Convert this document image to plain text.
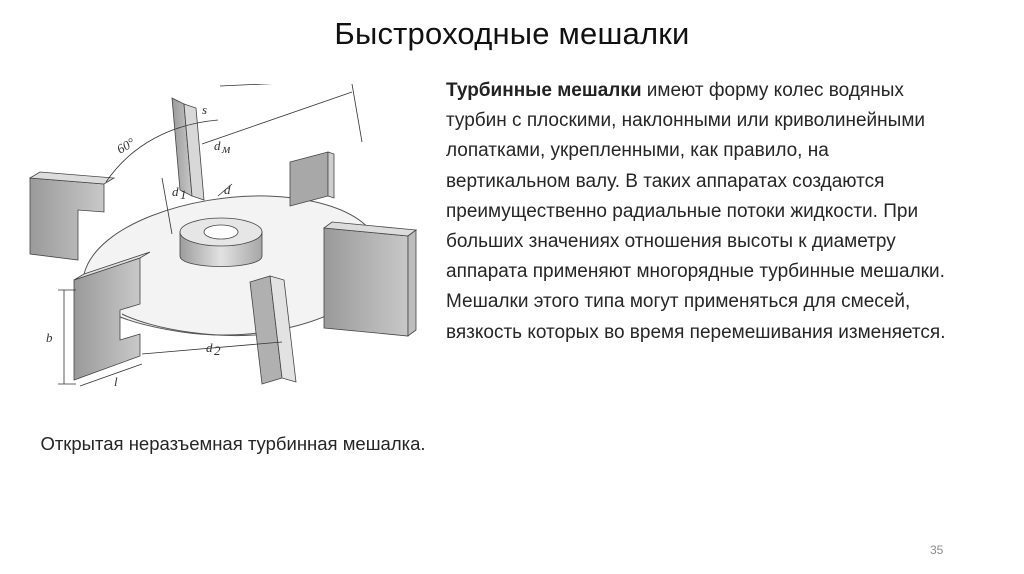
Быстроходные мешалки
60°
s
d м
d 1	d
b
l
d 2
Открытая неразъемная турбинная мешалка.
Турбинные мешалки имеют форму колес водяных турбин с плоскими, наклонными или криволинейными лопатками, укрепленными, как правило, на вертикальном валу. В таких аппаратах создаются преимущественно радиальные потоки жидкости. При больших значениях отношения высоты к диаметру аппарата применяют многорядные турбинные мешалки. Мешалки этого типа могут применяться для смесей, вязкость которых во время перемешивания изменяется.
35
